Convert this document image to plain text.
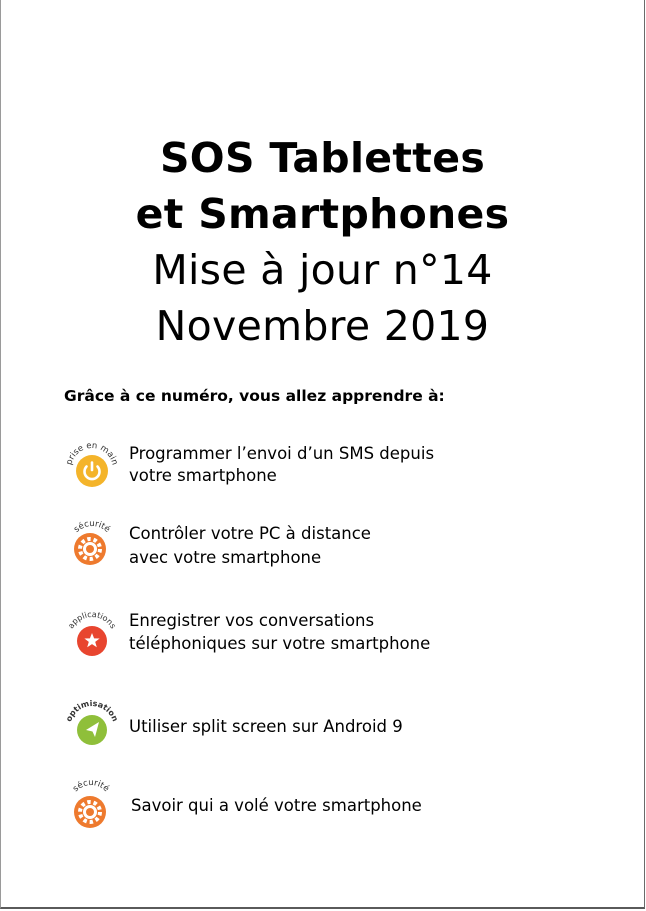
SOS Tablettes
et Smartphones
Mise à jour n°14
Novembre 2019
Grâce à ce numéro, vous allez apprendre à:
prise en main Programmer l’envoi d’un SMS depuis
votre smartphone
sécurité Contrôler votre PC à distance
avec votre smartphone
applications Enregistrer vos conversations
téléphoniques sur votre smartphone
optimisation Utiliser split screen sur Android 9
sécurité
Savoir qui a volé votre smartphone
